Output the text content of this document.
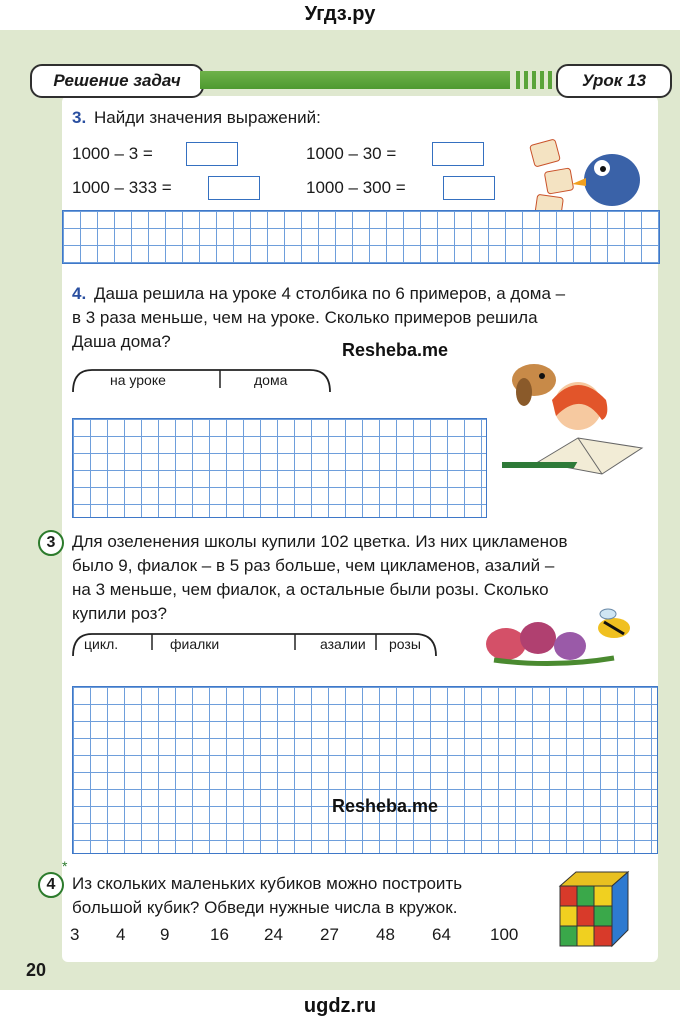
Угдз.ру
Решение задач	Урок 13
3. Найди значения выражений:
1000 – 3 =	1000 – 30 =
1000 – 333 =	1000 – 300 =
4. Даша решила на уроке 4 столбика по 6 примеров, а дома –
в 3 раза меньше, чем на уроке. Сколько примеров решила
Даша дома?	Resheba.me
на уроке	дома
3 Для озеленения школы купили 102 цветка. Из них цикламенов
было 9, фиалок – в 5 раз больше, чем цикламенов, азалий –
на 3 меньше, чем фиалок, а остальные были розы. Сколько
купили роз?
цикл.	фиалки	азалии розы
Resheba.me
4
*
Из скольких маленьких кубиков можно построить
большой кубик? Обведи нужные числа в кружок.
3 4 9 16 24 27 48 64 100
20
ugdz.ru
